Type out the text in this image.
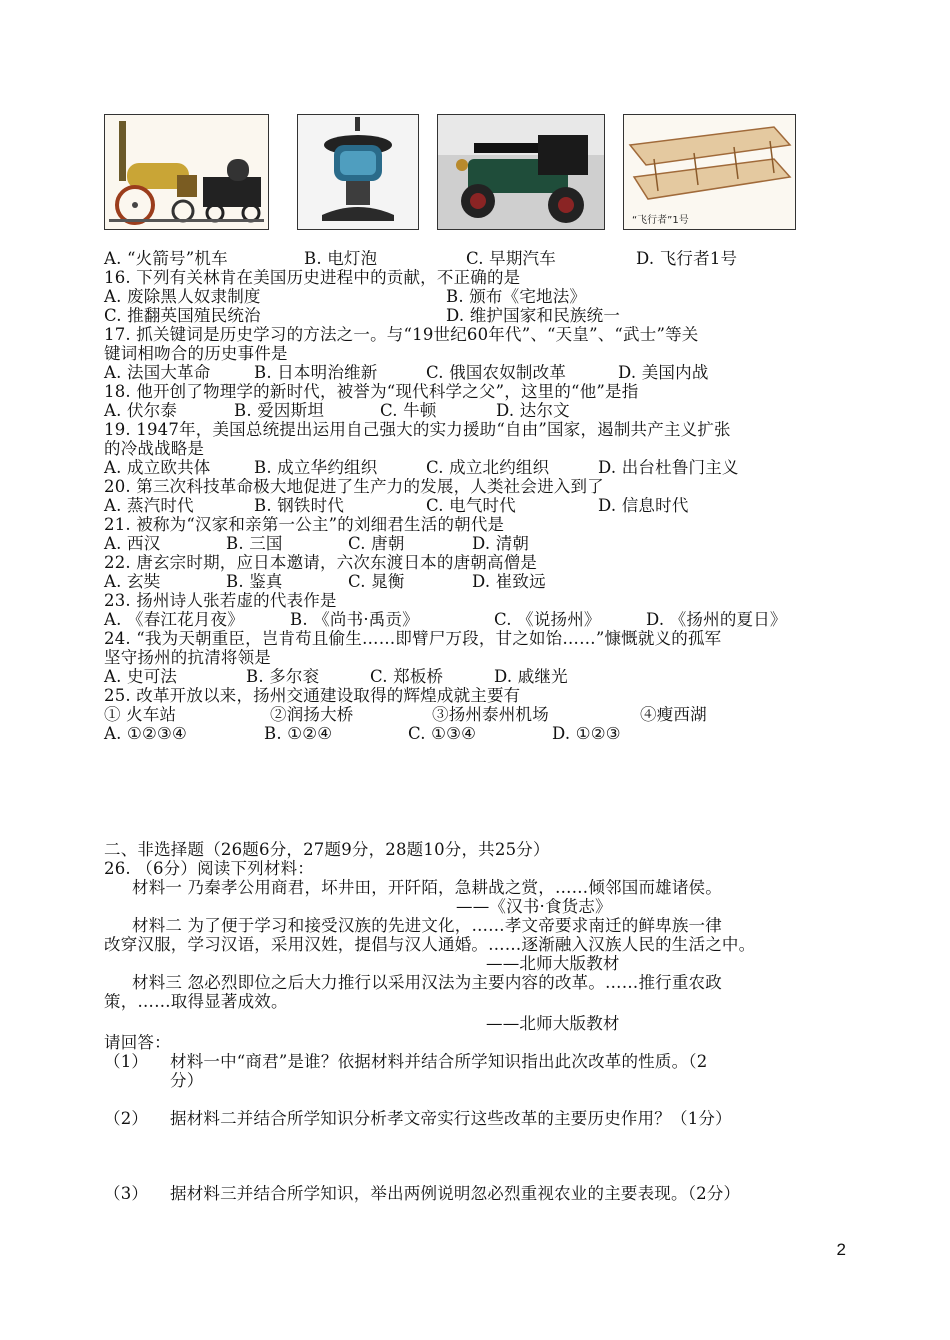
“飞行者”1号
A. “火箭号”机车	B. 电灯泡	C. 早期汽车	D. 飞行者1号
16. 下列有关林肯在美国历史进程中的贡献，不正确的是
A. 废除黑人奴隶制度	B. 颁布《宅地法》
C. 推翻英国殖民统治	D. 维护国家和民族统一
17. 抓关键词是历史学习的方法之一。与“19世纪60年代”、“天皇”、“武士”等关
键词相吻合的历史事件是
A. 法国大革命	B. 日本明治维新	C. 俄国农奴制改革	D. 美国内战
18. 他开创了物理学的新时代，被誉为“现代科学之父”，这里的“他”是指
A. 伏尔泰	B. 爱因斯坦	C. 牛顿	D. 达尔文
19. 1947年，美国总统提出运用自己强大的实力援助“自由”国家，遏制共产主义扩张
的冷战战略是
A. 成立欧共体	B. 成立华约组织	C. 成立北约组织	D. 出台杜鲁门主义
20. 第三次科技革命极大地促进了生产力的发展，人类社会进入到了
A. 蒸汽时代	B. 钢铁时代	C. 电气时代	D. 信息时代
21. 被称为“汉家和亲第一公主”的刘细君生活的朝代是
A. 西汉	B. 三国	C. 唐朝	D. 清朝
22. 唐玄宗时期，应日本邀请，六次东渡日本的唐朝高僧是
A. 玄奘	B. 鉴真	C. 晁衡	D. 崔致远
23. 扬州诗人张若虚的代表作是
A. 《春江花月夜》	B. 《尚书·禹贡》	C. 《说扬州》	D. 《扬州的夏日》
24. “我为天朝重臣，岂肯苟且偷生……即臂尸万段，甘之如饴……”慷慨就义的孤军
坚守扬州的抗清将领是
A. 史可法	B. 多尔衮	C. 郑板桥	D. 戚继光
25. 改革开放以来，扬州交通建设取得的辉煌成就主要有
① 火车站	②润扬大桥	③扬州泰州机场	④瘦西湖
A. ①②③④	B. ①②④	C. ①③④	D. ①②③
二、非选择题（26题6分，27题9分，28题10分，共25分）
26. （6分）阅读下列材料：
材料一 乃秦孝公用商君，坏井田，开阡陌，急耕战之赏，……倾邻国而雄诸侯。
——《汉书·食货志》
材料二 为了便于学习和接受汉族的先进文化，……孝文帝要求南迁的鲜卑族一律
改穿汉服，学习汉语，采用汉姓，提倡与汉人通婚。……逐渐融入汉族人民的生活之中。
——北师大版教材
材料三 忽必烈即位之后大力推行以采用汉法为主要内容的改革。……推行重农政
策，……取得显著成效。
——北师大版教材
请回答：
（1） 材料一中“商君”是谁？依据材料并结合所学知识指出此次改革的性质。（2
分）
（2） 据材料二并结合所学知识分析孝文帝实行这些改革的主要历史作用？（1分）
（3） 据材料三并结合所学知识，举出两例说明忽必烈重视农业的主要表现。（2分）
2
